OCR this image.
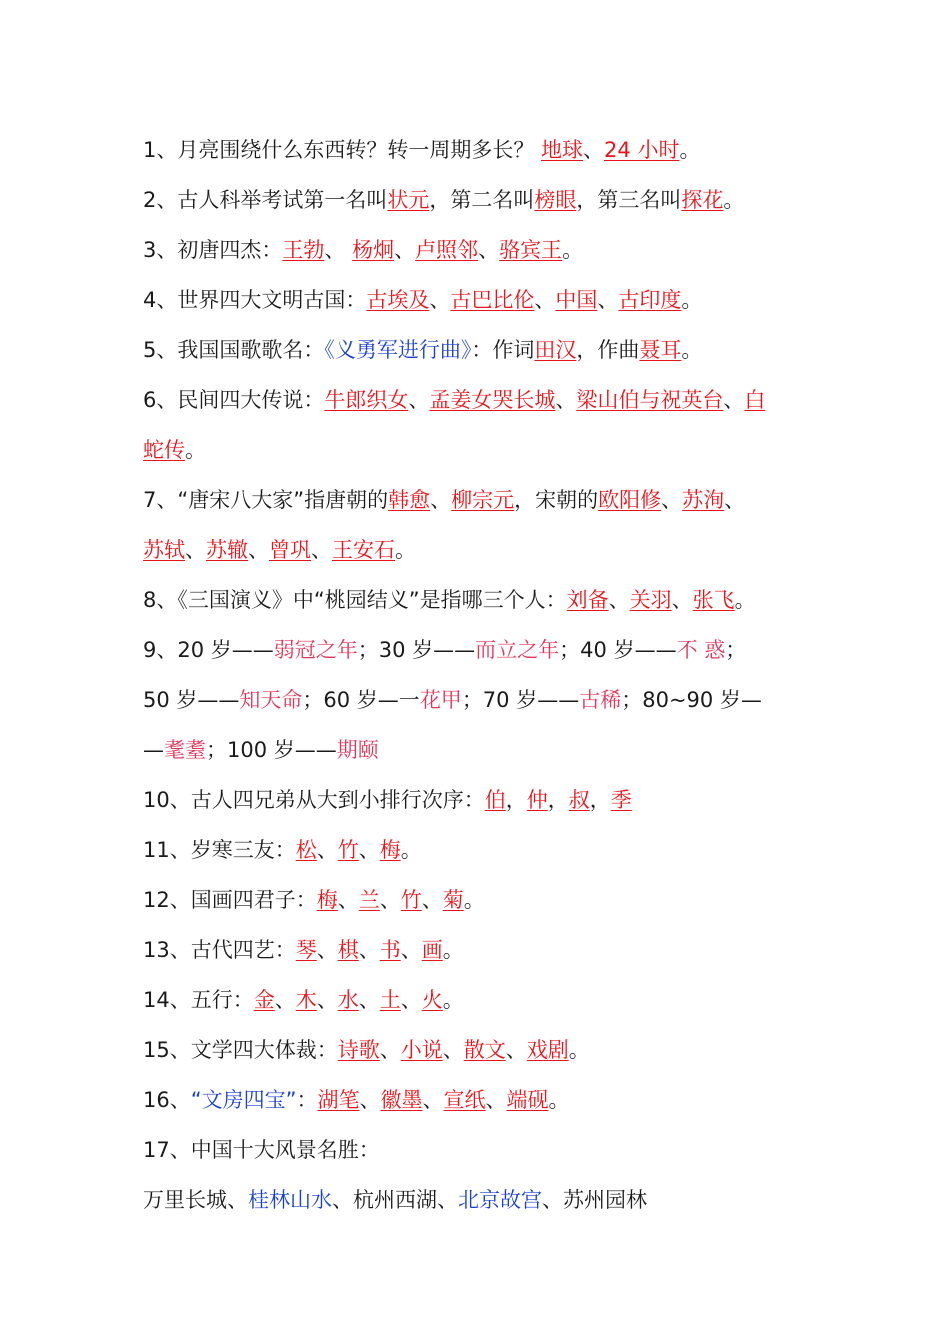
1、月亮围绕什么东西转？转一周期多长？ 地球、24 小时。
2、古人科举考试第一名叫状元，第二名叫榜眼，第三名叫探花。
3、初唐四杰：王勃、 杨炯、卢照邻、骆宾王。
4、世界四大文明古国：古埃及、古巴比伦、中国、古印度。
5、我国国歌歌名：《义勇军进行曲》：作词田汉，作曲聂耳。
6、民间四大传说：牛郎织女、孟姜女哭长城、梁山伯与祝英台、白
蛇传。
7、“唐宋八大家”指唐朝的韩愈、柳宗元，宋朝的欧阳修、苏洵、
苏轼、苏辙、曾巩、王安石。
8、《三国演义》中“桃园结义”是指哪三个人：刘备、关羽、张飞。
9、20 岁——弱冠之年；30 岁——而立之年；40 岁——不 惑；
50 岁——知天命；60 岁—一花甲；70 岁——古稀；80~90 岁—
—耄耋；100 岁——期颐
10、古人四兄弟从大到小排行次序：伯，仲，叔，季
11、岁寒三友：松、竹、梅。
12、国画四君子：梅、兰、竹、菊。
13、古代四艺：琴、棋、书、画。
14、五行：金、木、水、土、火。
15、文学四大体裁：诗歌、小说、散文、戏剧。
16、“文房四宝”：湖笔、徽墨、宣纸、端砚。
17、中国十大风景名胜：
万里长城、桂林山水、杭州西湖、北京故宫、苏州园林
